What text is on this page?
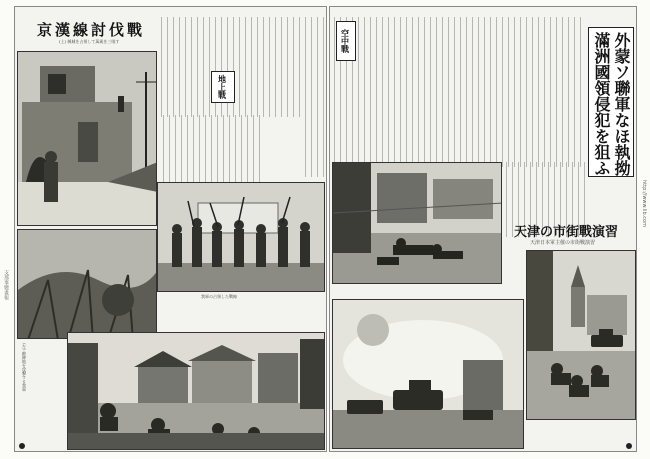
支那事變畫報
http://www.lib.com
京漢線討伐戰
(上) 縣城を占領して萬歳を三唱す
地上戰
我軍の占領した戰線
(左) 敵陣地を攻撃する我軍
空中戰	外蒙ソ聯軍なほ執拗
滿洲國領侵犯を狙ふ
天津の市街戰演習
天津日本軍主催の市街戰演習
